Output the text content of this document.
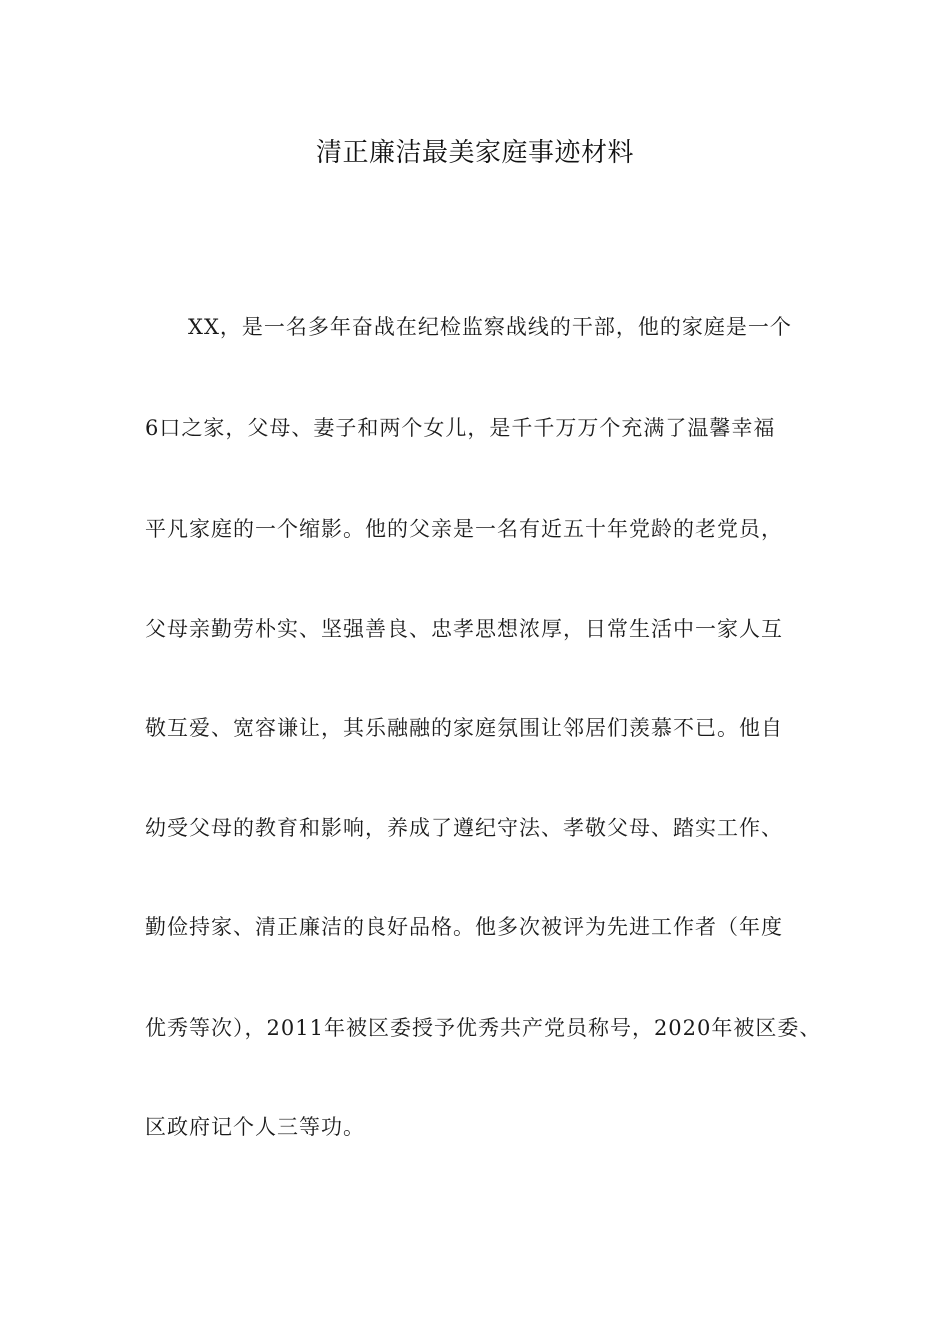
清正廉洁最美家庭事迹材料

XX，是一名多年奋战在纪检监察战线的干部，他的家庭是一个

6口之家，父母、妻子和两个女儿，是千千万万个充满了温馨幸福

平凡家庭的一个缩影。他的父亲是一名有近五十年党龄的老党员，

父母亲勤劳朴实、坚强善良、忠孝思想浓厚，日常生活中一家人互

敬互爱、宽容谦让，其乐融融的家庭氛围让邻居们羡慕不已。他自

幼受父母的教育和影响，养成了遵纪守法、孝敬父母、踏实工作、

勤俭持家、清正廉洁的良好品格。他多次被评为先进工作者（年度

优秀等次），2011年被区委授予优秀共产党员称号，2020年被区委、

区政府记个人三等功。
